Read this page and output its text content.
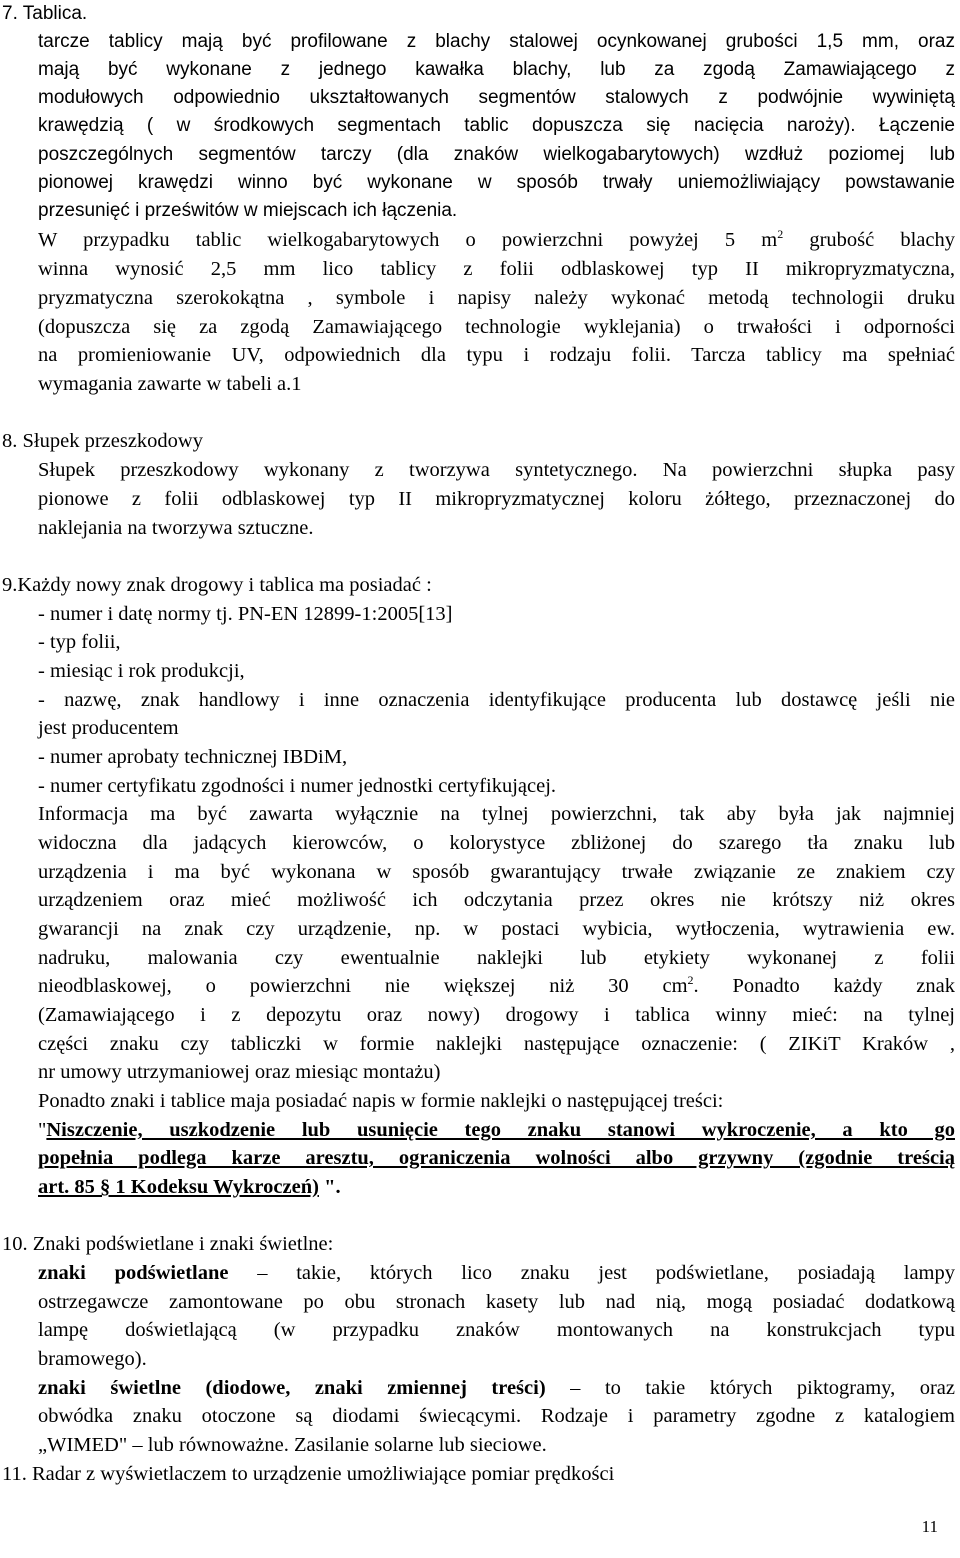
7. Tablica.
tarcze tablicy mają być profilowane z blachy stalowej ocynkowanej grubości 1,5 mm, oraz
mają być wykonane z jednego kawałka blachy, lub za zgodą Zamawiającego z
modułowych odpowiednio ukształtowanych segmentów stalowych z podwójnie wywiniętą
krawędzią ( w środkowych segmentach tablic dopuszcza się nacięcia naroży). Łączenie
poszczególnych segmentów tarczy (dla znaków wielkogabarytowych) wzdłuż poziomej lub
pionowej krawędzi winno być wykonane w sposób trwały uniemożliwiający powstawanie
przesunięć i prześwitów w miejscach ich łączenia.
W przypadku tablic wielkogabarytowych o powierzchni powyżej 5 $m^2$ grubość blachy
winna wynosić 2,5 mm lico tablicy z folii odblaskowej typ II mikropryzmatyczna,
pryzmatyczna szerokokątna , symbole i napisy należy wykonać metodą technologii druku
(dopuszcza się za zgodą Zamawiającego technologie wyklejania) o trwałości i odporności
na promieniowanie UV, odpowiednich dla typu i rodzaju folii. Tarcza tablicy ma spełniać
wymagania zawarte w tabeli a.1
8. Słupek przeszkodowy
Słupek przeszkodowy wykonany z tworzywa syntetycznego. Na powierzchni słupka pasy
pionowe z folii odblaskowej typ II mikropryzmatycznej koloru żółtego, przeznaczonej do
naklejania na tworzywa sztuczne.
9.Każdy nowy znak drogowy i tablica ma posiadać :
- numer i datę normy tj. PN-EN 12899-1:2005[13]
- typ folii,
- miesiąc i rok produkcji,
- nazwę, znak handlowy i inne oznaczenia identyfikujące producenta lub dostawcę jeśli nie
jest producentem
- numer aprobaty technicznej IBDiM,
- numer certyfikatu zgodności i numer jednostki certyfikującej.
Informacja ma być zawarta wyłącznie na tylnej powierzchni, tak aby była jak najmniej
widoczna dla jadących kierowców, o kolorystyce zbliżonej do szarego tła znaku lub
urządzenia i ma być wykonana w sposób gwarantujący trwałe związanie ze znakiem czy
urządzeniem oraz mieć możliwość ich odczytania przez okres nie krótszy niż okres
gwarancji na znak czy urządzenie, np. w postaci wybicia, wytłoczenia, wytrawienia ew.
nadruku, malowania czy ewentualnie naklejki lub etykiety wykonanej z folii
nieodblaskowej, o powierzchni nie większej niż 30 $cm^2$. Ponadto każdy znak
(Zamawiającego i z depozytu oraz nowy) drogowy i tablica winny mieć: na tylnej
części znaku czy tabliczki w formie naklejki następujące oznaczenie: ( ZIKiT Kraków ,
nr umowy utrzymaniowej oraz miesiąc montażu)
Ponadto znaki i tablice maja posiadać napis w formie naklejki o następującej treści:
"Niszczenie, uszkodzenie lub usunięcie tego znaku stanowi wykroczenie, a kto go
popełnia podlega karze aresztu, ograniczenia wolności albo grzywny (zgodnie treścią
art. 85 § 1 Kodeksu Wykroczeń) ".
10. Znaki podświetlane i znaki świetlne:
znaki podświetlane – takie, których lico znaku jest podświetlane, posiadają lampy
ostrzegawcze zamontowane po obu stronach kasety lub nad nią, mogą posiadać dodatkową
lampę doświetlającą (w przypadku znaków montowanych na konstrukcjach typu
bramowego).
znaki świetlne (diodowe, znaki zmiennej treści) – to takie których piktogramy, oraz
obwódka znaku otoczone są diodami świecącymi. Rodzaje i parametry zgodne z katalogiem
„WIMED" – lub równoważne. Zasilanie solarne lub sieciowe.
11. Radar z wyświetlaczem to urządzenie umożliwiające pomiar prędkości
11
